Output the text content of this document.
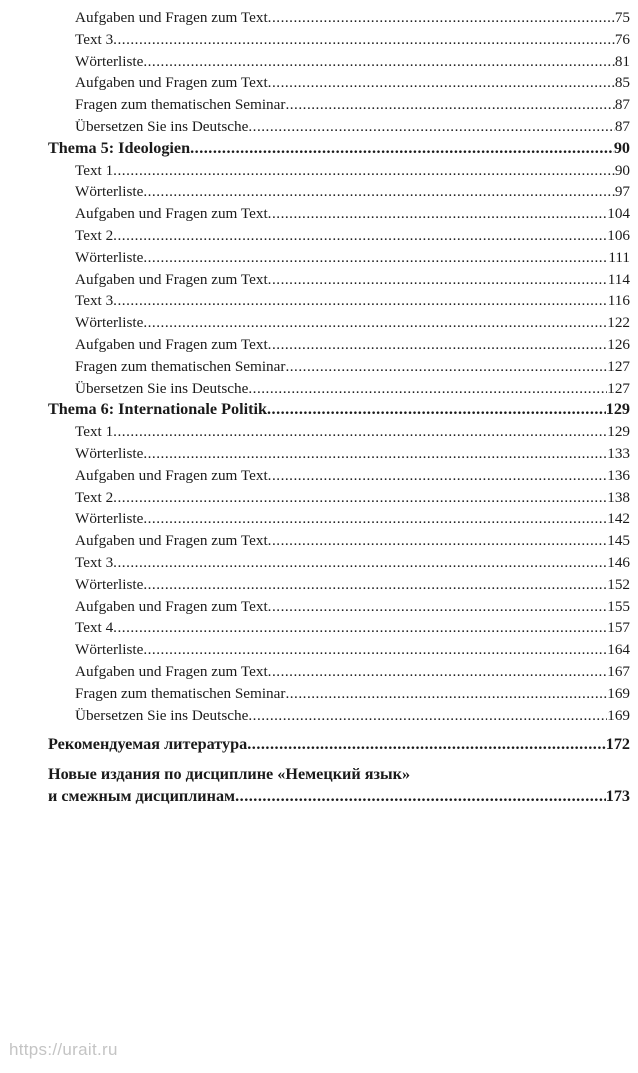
Aufgaben und Fragen zum Text .....	75
Text 3 .....	76
Wörterliste .....	81
Aufgaben und Fragen zum Text .....	85
Fragen zum thematischen Seminar .....	87
Übersetzen Sie ins Deutsche .....	87
Thema 5: Ideologien .....	90
Text 1 .....	90
Wörterliste .....	97
Aufgaben und Fragen zum Text .....	104
Text 2 .....	106
Wörterliste .....	111
Aufgaben und Fragen zum Text .....	114
Text 3 .....	116
Wörterliste .....	122
Aufgaben und Fragen zum Text .....	126
Fragen zum thematischen Seminar .....	127
Übersetzen Sie ins Deutsche .....	127
Thema 6: Internationale Politik .....	129
Text 1 .....	129
Wörterliste .....	133
Aufgaben und Fragen zum Text .....	136
Text 2 .....	138
Wörterliste .....	142
Aufgaben und Fragen zum Text .....	145
Text 3 .....	146
Wörterliste .....	152
Aufgaben und Fragen zum Text .....	155
Text 4 .....	157
Wörterliste .....	164
Aufgaben und Fragen zum Text .....	167
Fragen zum thematischen Seminar .....	169
Übersetzen Sie ins Deutsche .....	169
Рекомендуемая литература .....	172
Новые издания по дисциплине «Немецкий язык»
и смежным дисциплинам .....	173
https://urait.ru
